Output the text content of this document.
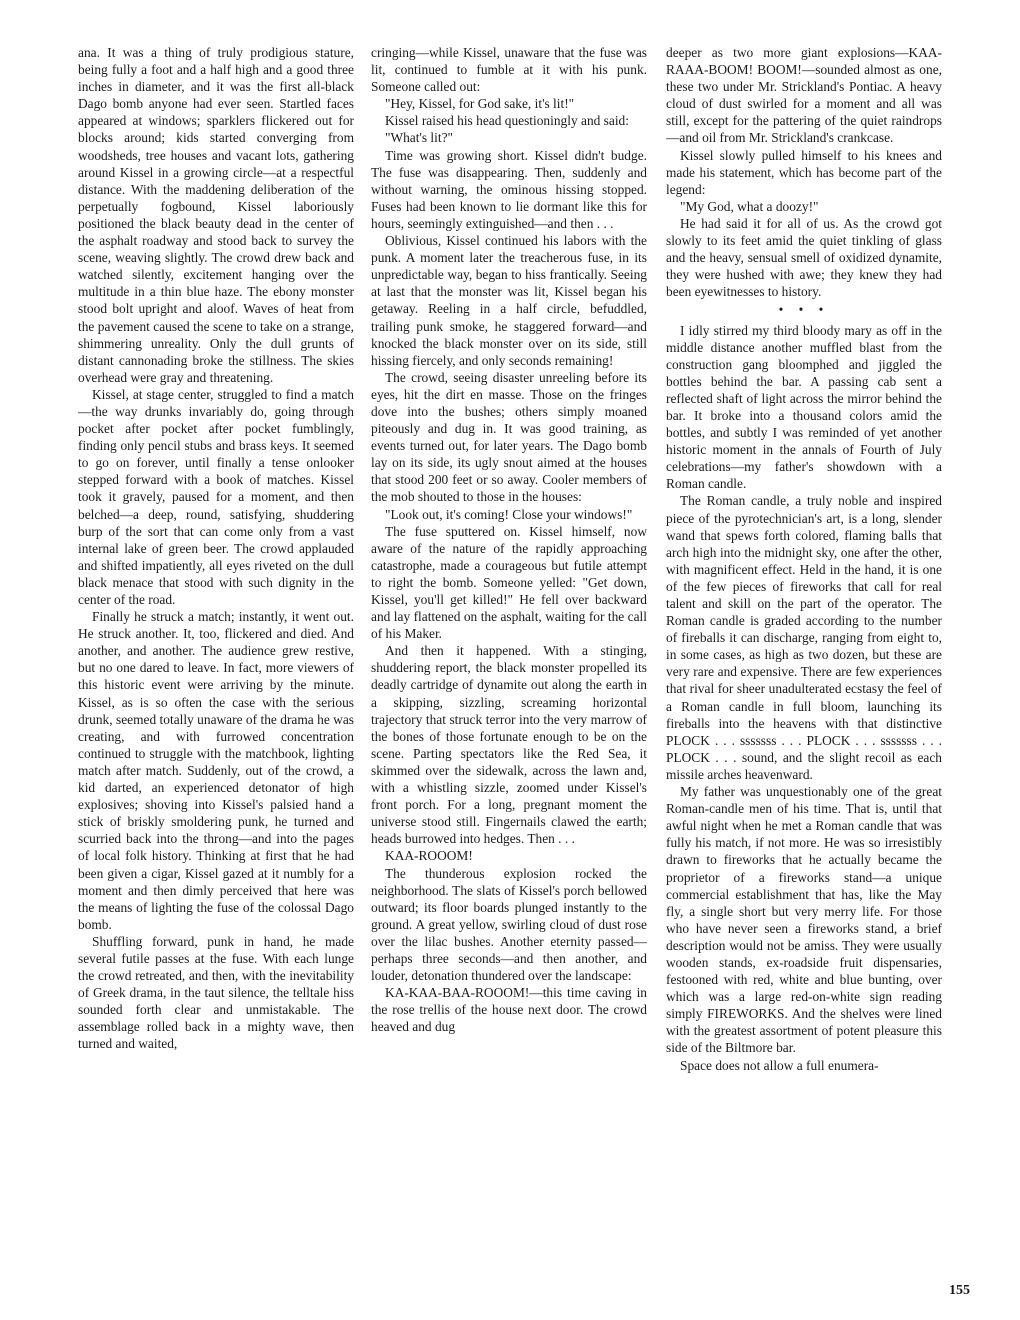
ana. It was a thing of truly prodigious stature, being fully a foot and a half high and a good three inches in diameter, and it was the first all-black Dago bomb anyone had ever seen. Startled faces appeared at windows; sparklers flickered out for blocks around; kids started converging from woodsheds, tree houses and vacant lots, gathering around Kissel in a growing circle—at a respectful distance. With the maddening deliberation of the perpetually fogbound, Kissel laboriously positioned the black beauty dead in the center of the asphalt roadway and stood back to survey the scene, weaving slightly. The crowd drew back and watched silently, excitement hanging over the multitude in a thin blue haze. The ebony monster stood bolt upright and aloof. Waves of heat from the pavement caused the scene to take on a strange, shimmering unreality. Only the dull grunts of distant cannonading broke the stillness. The skies overhead were gray and threatening.

Kissel, at stage center, struggled to find a match—the way drunks invariably do, going through pocket after pocket after pocket fumblingly, finding only pencil stubs and brass keys. It seemed to go on forever, until finally a tense onlooker stepped forward with a book of matches. Kissel took it gravely, paused for a moment, and then belched—a deep, round, satisfying, shuddering burp of the sort that can come only from a vast internal lake of green beer. The crowd applauded and shifted impatiently, all eyes riveted on the dull black menace that stood with such dignity in the center of the road.

Finally he struck a match; instantly, it went out. He struck another. It, too, flickered and died. And another, and another. The audience grew restive, but no one dared to leave. In fact, more viewers of this historic event were arriving by the minute. Kissel, as is so often the case with the serious drunk, seemed totally unaware of the drama he was creating, and with furrowed concentration continued to struggle with the matchbook, lighting match after match. Suddenly, out of the crowd, a kid darted, an experienced detonator of high explosives; shoving into Kissel's palsied hand a stick of briskly smoldering punk, he turned and scurried back into the throng—and into the pages of local folk history. Thinking at first that he had been given a cigar, Kissel gazed at it numbly for a moment and then dimly perceived that here was the means of lighting the fuse of the colossal Dago bomb.

Shuffling forward, punk in hand, he made several futile passes at the fuse. With each lunge the crowd retreated, and then, with the inevitability of Greek drama, in the taut silence, the telltale hiss sounded forth clear and unmistakable. The assemblage rolled back in a mighty wave, then turned and waited,

cringing—while Kissel, unaware that the fuse was lit, continued to fumble at it with his punk. Someone called out:

"Hey, Kissel, for God sake, it's lit!"

Kissel raised his head questioningly and said:

"What's lit?"

Time was growing short. Kissel didn't budge. The fuse was disappearing. Then, suddenly and without warning, the ominous hissing stopped. Fuses had been known to lie dormant like this for hours, seemingly extinguished—and then . . .

Oblivious, Kissel continued his labors with the punk. A moment later the treacherous fuse, in its unpredictable way, began to hiss frantically. Seeing at last that the monster was lit, Kissel began his getaway. Reeling in a half circle, befuddled, trailing punk smoke, he staggered forward—and knocked the black monster over on its side, still hissing fiercely, and only seconds remaining!

The crowd, seeing disaster unreeling before its eyes, hit the dirt en masse. Those on the fringes dove into the bushes; others simply moaned piteously and dug in. It was good training, as events turned out, for later years. The Dago bomb lay on its side, its ugly snout aimed at the houses that stood 200 feet or so away. Cooler members of the mob shouted to those in the houses:

"Look out, it's coming! Close your windows!"

The fuse sputtered on. Kissel himself, now aware of the nature of the rapidly approaching catastrophe, made a courageous but futile attempt to right the bomb. Someone yelled: "Get down, Kissel, you'll get killed!" He fell over backward and lay flattened on the asphalt, waiting for the call of his Maker.

And then it happened. With a stinging, shuddering report, the black monster propelled its deadly cartridge of dynamite out along the earth in a skipping, sizzling, screaming horizontal trajectory that struck terror into the very marrow of the bones of those fortunate enough to be on the scene. Parting spectators like the Red Sea, it skimmed over the sidewalk, across the lawn and, with a whistling sizzle, zoomed under Kissel's front porch. For a long, pregnant moment the universe stood still. Fingernails clawed the earth; heads burrowed into hedges. Then . . .

KAA-ROOOM!

The thunderous explosion rocked the neighborhood. The slats of Kissel's porch bellowed outward; its floor boards plunged instantly to the ground. A great yellow, swirling cloud of dust rose over the lilac bushes. Another eternity passed—perhaps three seconds—and then another, and louder, detonation thundered over the landscape:

KA-KAA-BAA-ROOOM!—this time caving in the rose trellis of the house next door. The crowd heaved and dug

deeper as two more giant explosions—KAA-RAAA-BOOM! BOOM!—sounded almost as one, these two under Mr. Strickland's Pontiac. A heavy cloud of dust swirled for a moment and all was still, except for the pattering of the quiet raindrops—and oil from Mr. Strickland's crankcase.

Kissel slowly pulled himself to his knees and made his statement, which has become part of the legend:

"My God, what a doozy!"

He had said it for all of us. As the crowd got slowly to its feet amid the quiet tinkling of glass and the heavy, sensual smell of oxidized dynamite, they were hushed with awe; they knew they had been eyewitnesses to history.

• • •

I idly stirred my third bloody mary as off in the middle distance another muffled blast from the construction gang bloomphed and jiggled the bottles behind the bar. A passing cab sent a reflected shaft of light across the mirror behind the bar. It broke into a thousand colors amid the bottles, and subtly I was reminded of yet another historic moment in the annals of Fourth of July celebrations—my father's showdown with a Roman candle.

The Roman candle, a truly noble and inspired piece of the pyrotechnician's art, is a long, slender wand that spews forth colored, flaming balls that arch high into the midnight sky, one after the other, with magnificent effect. Held in the hand, it is one of the few pieces of fireworks that call for real talent and skill on the part of the operator. The Roman candle is graded according to the number of fireballs it can discharge, ranging from eight to, in some cases, as high as two dozen, but these are very rare and expensive. There are few experiences that rival for sheer unadulterated ecstasy the feel of a Roman candle in full bloom, launching its fireballs into the heavens with that distinctive PLOCK . . . sssssss . . . PLOCK . . . sssssss . . . PLOCK . . . sound, and the slight recoil as each missile arches heavenward.

My father was unquestionably one of the great Roman-candle men of his time. That is, until that awful night when he met a Roman candle that was fully his match, if not more. He was so irresistibly drawn to fireworks that he actually became the proprietor of a fireworks stand—a unique commercial establishment that has, like the May fly, a single short but very merry life. For those who have never seen a fireworks stand, a brief description would not be amiss. They were usually wooden stands, ex-roadside fruit dispensaries, festooned with red, white and blue bunting, over which was a large red-on-white sign reading simply FIREWORKS. And the shelves were lined with the greatest assortment of potent pleasure this side of the Biltmore bar.

Space does not allow a full enumera-

155
